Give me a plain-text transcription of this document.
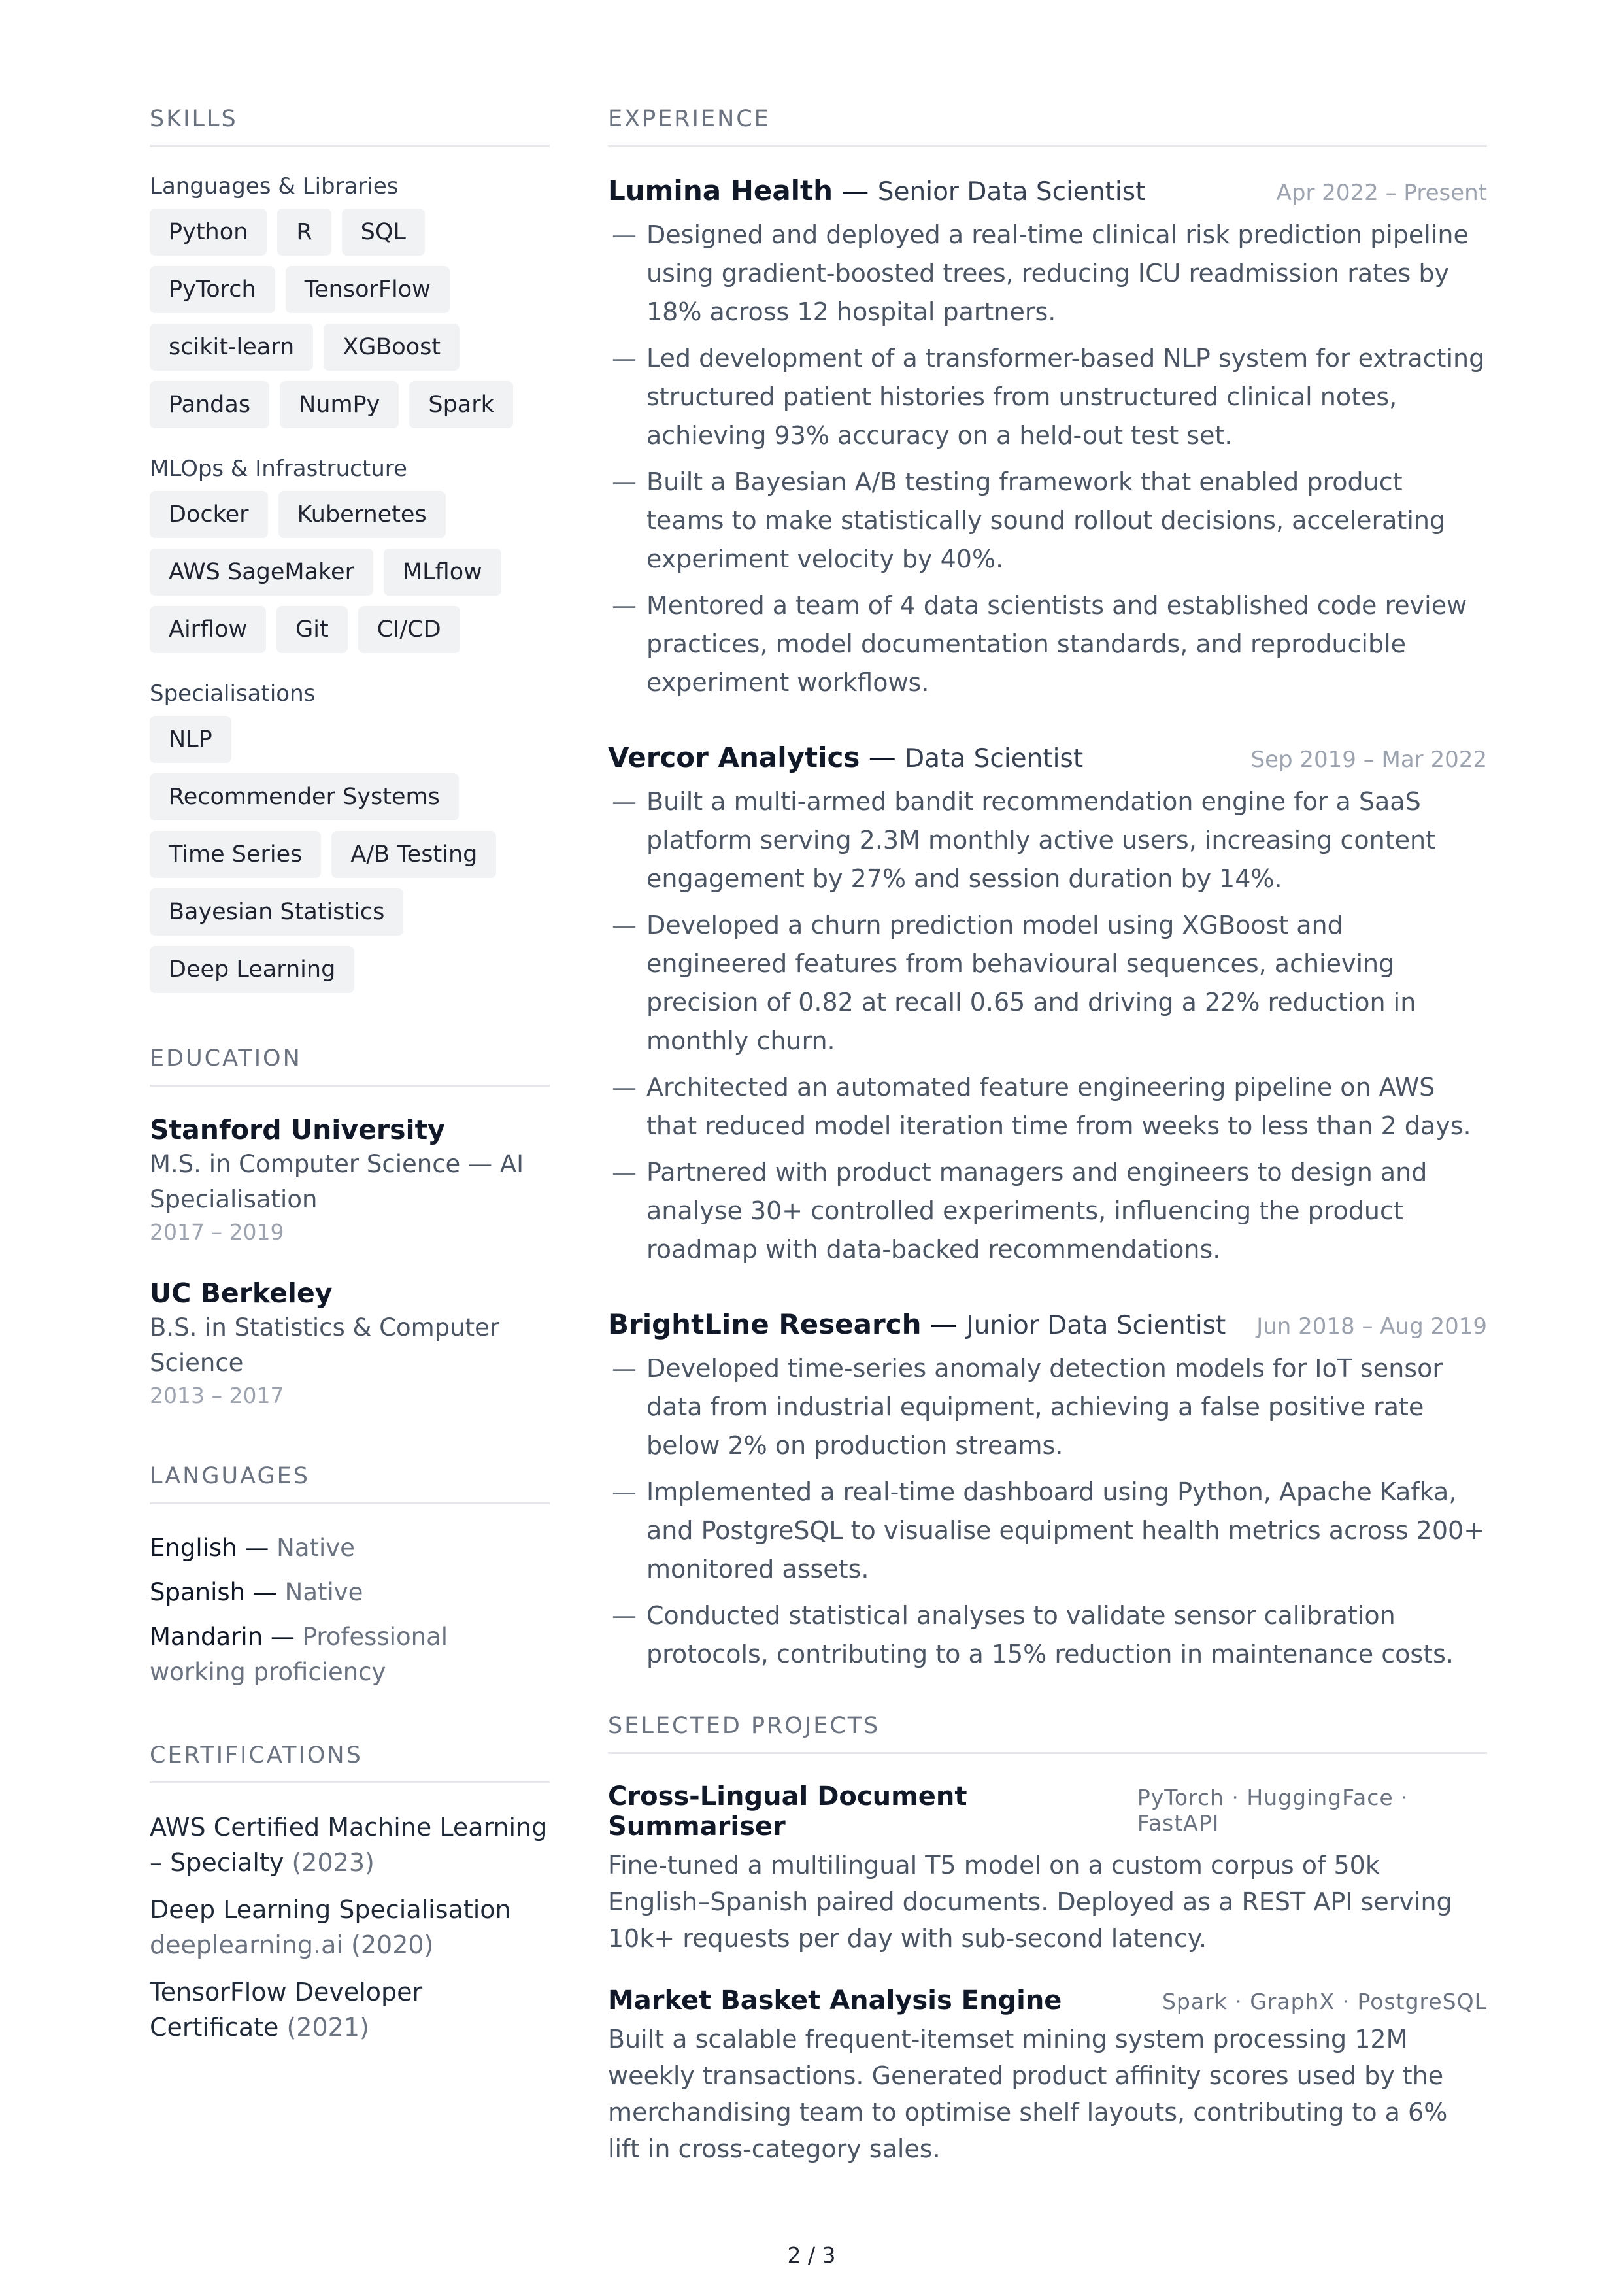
SKILLS
Languages & Libraries
Python	R	SQL
PyTorch	TensorFlow
scikit-learn	XGBoost
Pandas	NumPy	Spark
MLOps & Infrastructure
Docker	Kubernetes
AWS SageMaker	MLflow
Airflow	Git	CI/CD
Specialisations
NLP
Recommender Systems
Time Series	A/B Testing
Bayesian Statistics
Deep Learning
EDUCATION
Stanford University
M.S. in Computer Science — AI Specialisation
2017 – 2019
UC Berkeley
B.S. in Statistics & Computer Science
2013 – 2017
LANGUAGES
English — Native
Spanish — Native
Mandarin — Professional working proficiency
CERTIFICATIONS
AWS Certified Machine Learning – Specialty (2023)
Deep Learning Specialisation
deeplearning.ai (2020)
TensorFlow Developer Certificate (2021)
EXPERIENCE
Lumina Health — Senior Data Scientist	Apr 2022 – Present
— Designed and deployed a real-time clinical risk prediction pipeline using gradient-boosted trees, reducing ICU readmission rates by 18% across 12 hospital partners.
— Led development of a transformer-based NLP system for extracting structured patient histories from unstructured clinical notes, achieving 93% accuracy on a held-out test set.
— Built a Bayesian A/B testing framework that enabled product teams to make statistically sound rollout decisions, accelerating experiment velocity by 40%.
— Mentored a team of 4 data scientists and established code review practices, model documentation standards, and reproducible experiment workflows.
Vercor Analytics — Data Scientist	Sep 2019 – Mar 2022
— Built a multi-armed bandit recommendation engine for a SaaS platform serving 2.3M monthly active users, increasing content engagement by 27% and session duration by 14%.
— Developed a churn prediction model using XGBoost and engineered features from behavioural sequences, achieving precision of 0.82 at recall 0.65 and driving a 22% reduction in monthly churn.
— Architected an automated feature engineering pipeline on AWS that reduced model iteration time from weeks to less than 2 days.
— Partnered with product managers and engineers to design and analyse 30+ controlled experiments, influencing the product roadmap with data-backed recommendations.
BrightLine Research — Junior Data Scientist Jun 2018 – Aug 2019
— Developed time-series anomaly detection models for IoT sensor data from industrial equipment, achieving a false positive rate below 2% on production streams.
— Implemented a real-time dashboard using Python, Apache Kafka, and PostgreSQL to visualise equipment health metrics across 200+ monitored assets.
— Conducted statistical analyses to validate sensor calibration protocols, contributing to a 15% reduction in maintenance costs.
SELECTED PROJECTS
Cross-Lingual Document Summariser
PyTorch · HuggingFace · FastAPI
Fine-tuned a multilingual T5 model on a custom corpus of 50k English–Spanish paired documents. Deployed as a REST API serving 10k+ requests per day with sub-second latency.
Market Basket Analysis Engine	Spark · GraphX · PostgreSQL
Built a scalable frequent-itemset mining system processing 12M weekly transactions. Generated product affinity scores used by the merchandising team to optimise shelf layouts, contributing to a 6% lift in cross-category sales.
2 / 3
